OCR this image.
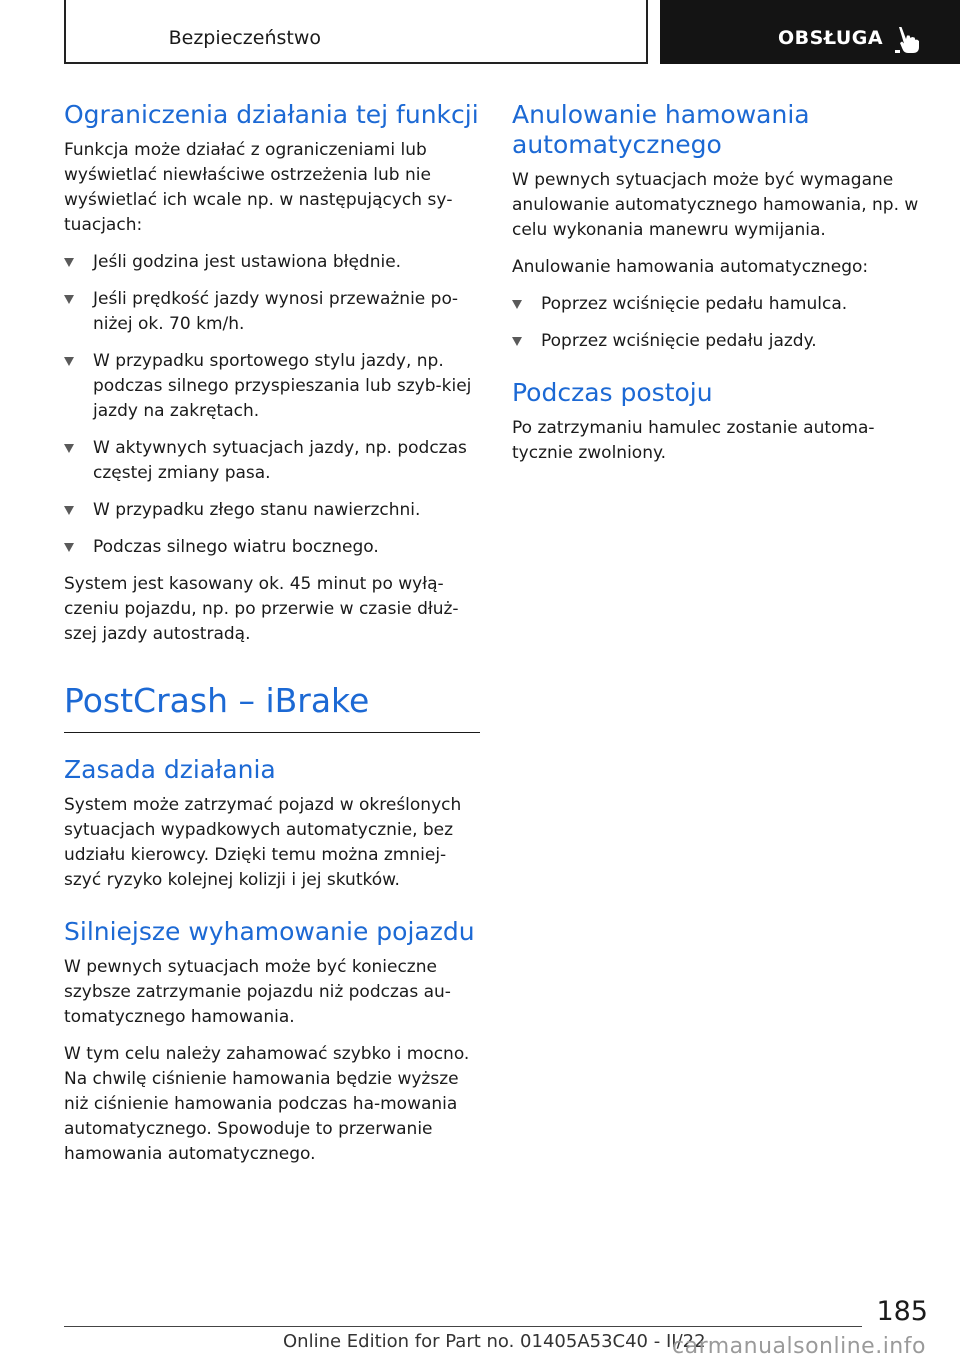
Bezpieczeństwo	OBSŁUGA
Ograniczenia działania tej funkcji

Funkcja może działać z ograniczeniami lub wyświetlać niewłaściwe ostrzeżenia lub nie wyświetlać ich wcale np. w następujących sy‐tuacjach:

Jeśli godzina jest ustawiona błędnie.
Jeśli prędkość jazdy wynosi przeważnie po‐niżej ok. 70 km/h.
W przypadku sportowego stylu jazdy, np. podczas silnego przyspieszania lub szyb‐kiej jazdy na zakrętach.
W aktywnych sytuacjach jazdy, np. podczas częstej zmiany pasa.
W przypadku złego stanu nawierzchni.
Podczas silnego wiatru bocznego.

System jest kasowany ok. 45 minut po wyłą‐czeniu pojazdu, np. po przerwie w czasie dłuż‐szej jazdy autostradą.

PostCrash – iBrake
Zasada działania

System może zatrzymać pojazd w określonych sytuacjach wypadkowych automatycznie, bez udziału kierowcy. Dzięki temu można zmniej‐szyć ryzyko kolejnej kolizji i jej skutków.

Silniejsze wyhamowanie pojazdu

W pewnych sytuacjach może być konieczne szybsze zatrzymanie pojazdu niż podczas au‐tomatycznego hamowania.

W tym celu należy zahamować szybko i mocno. Na chwilę ciśnienie hamowania będzie wyższe niż ciśnienie hamowania podczas ha‐mowania automatycznego. Spowoduje to przerwanie hamowania automatycznego.

Anulowanie hamowania automatycznego

W pewnych sytuacjach może być wymagane anulowanie automatycznego hamowania, np. w celu wykonania manewru wymijania.

Anulowanie hamowania automatycznego:

Poprzez wciśnięcie pedału hamulca.
Poprzez wciśnięcie pedału jazdy.
Podczas postoju

Po zatrzymaniu hamulec zostanie automa‐tycznie zwolniony.

185
Online Edition for Part no. 01405A53C40 - II/22
carmanualsonline.info
